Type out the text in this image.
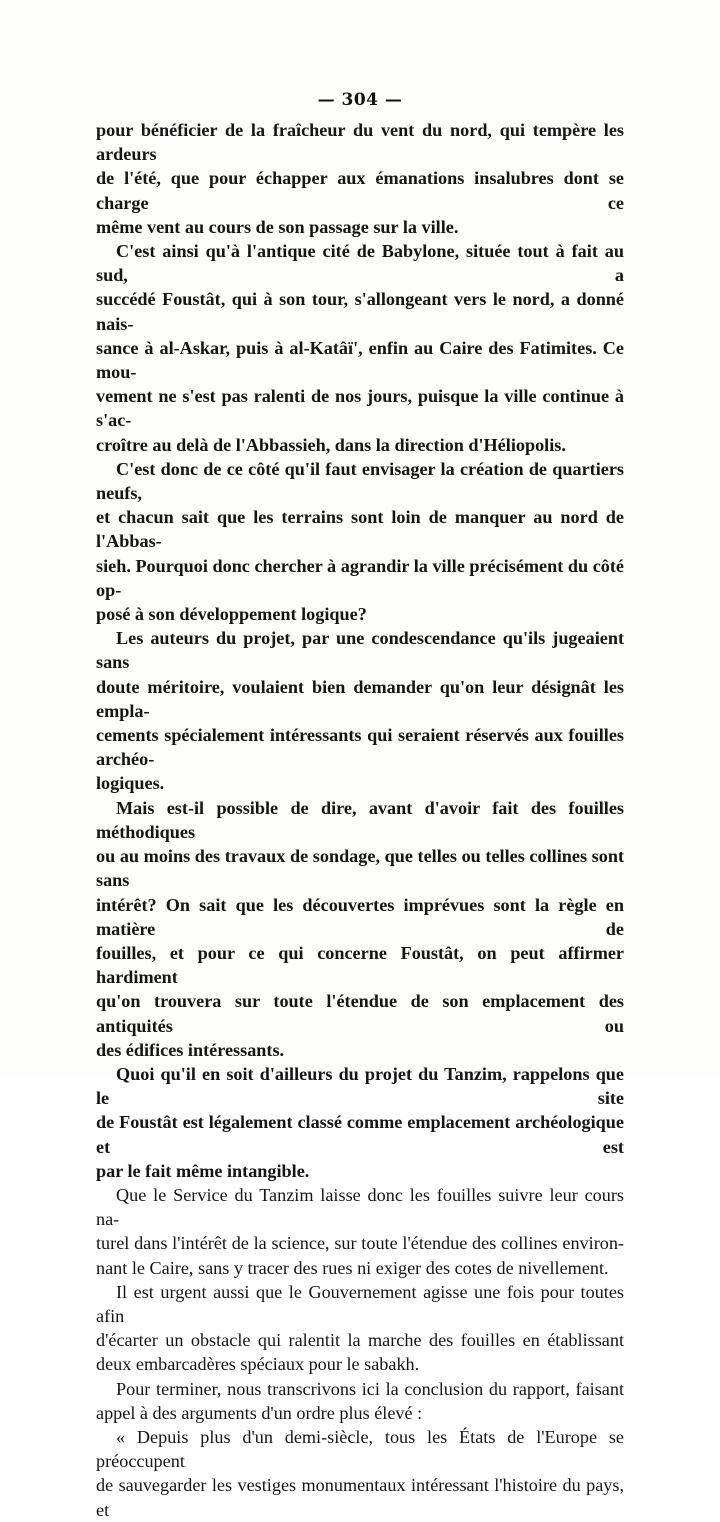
— 304 —

pour bénéficier de la fraîcheur du vent du nord, qui tempère les ardeurs

de l'été, que pour échapper aux émanations insalubres dont se charge ce

même vent au cours de son passage sur la ville.

C'est ainsi qu'à l'antique cité de Babylone, située tout à fait au sud, a

succédé Foustât, qui à son tour, s'allongeant vers le nord, a donné nais-

sance à al-Askar, puis à al-Katâï', enfin au Caire des Fatimites. Ce mou-

vement ne s'est pas ralenti de nos jours, puisque la ville continue à s'ac-

croître au delà de l'Abbassieh, dans la direction d'Héliopolis.

C'est donc de ce côté qu'il faut envisager la création de quartiers neufs,

et chacun sait que les terrains sont loin de manquer au nord de l'Abbas-

sieh. Pourquoi donc chercher à agrandir la ville précisément du côté op-

posé à son développement logique?

Les auteurs du projet, par une condescendance qu'ils jugeaient sans

doute méritoire, voulaient bien demander qu'on leur désignât les empla-

cements spécialement intéressants qui seraient réservés aux fouilles archéo-

logiques.

Mais est-il possible de dire, avant d'avoir fait des fouilles méthodiques

ou au moins des travaux de sondage, que telles ou telles collines sont sans

intérêt? On sait que les découvertes imprévues sont la règle en matière de

fouilles, et pour ce qui concerne Foustât, on peut affirmer hardiment

qu'on trouvera sur toute l'étendue de son emplacement des antiquités ou

des édifices intéressants.

Quoi qu'il en soit d'ailleurs du projet du Tanzim, rappelons que le site

de Foustât est légalement classé comme emplacement archéologique et est

par le fait même intangible.

Que le Service du Tanzim laisse donc les fouilles suivre leur cours na-

turel dans l'intérêt de la science, sur toute l'étendue des collines environ-

nant le Caire, sans y tracer des rues ni exiger des cotes de nivellement.

Il est urgent aussi que le Gouvernement agisse une fois pour toutes afin

d'écarter un obstacle qui ralentit la marche des fouilles en établissant

deux embarcadères spéciaux pour le sabakh.

Pour terminer, nous transcrivons ici la conclusion du rapport, faisant

appel à des arguments d'un ordre plus élevé :

« Depuis plus d'un demi-siècle, tous les États de l'Europe se préoccupent

de sauvegarder les vestiges monumentaux intéressant l'histoire du pays, et
